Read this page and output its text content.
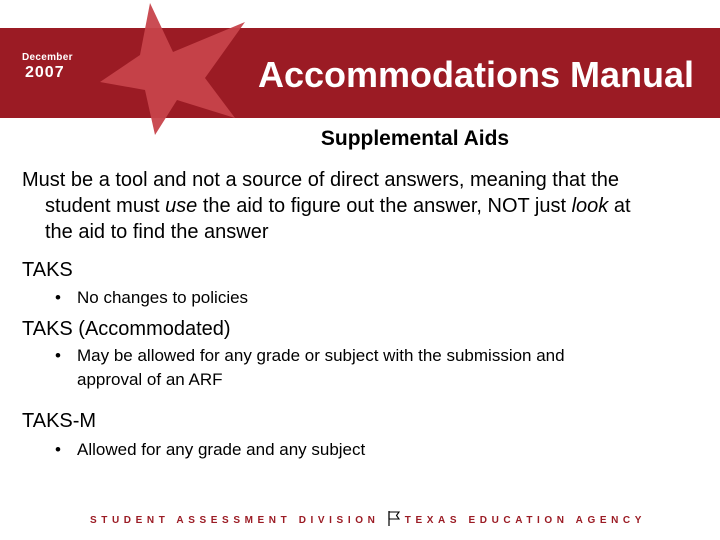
December
2007	Accommodations Manual
Supplemental Aids
Must be a tool and not a source of direct answers, meaning that the
student must use the aid to figure out the answer, NOT just look at
the aid to find the answer
TAKS
• No changes to policies
TAKS (Accommodated)
• May be allowed for any grade or subject with the submission and
approval of an ARF
TAKS-M
• Allowed for any grade and any subject
STUDENT ASSESSMENT DIVISION	TEXAS EDUCATION AGENCY
